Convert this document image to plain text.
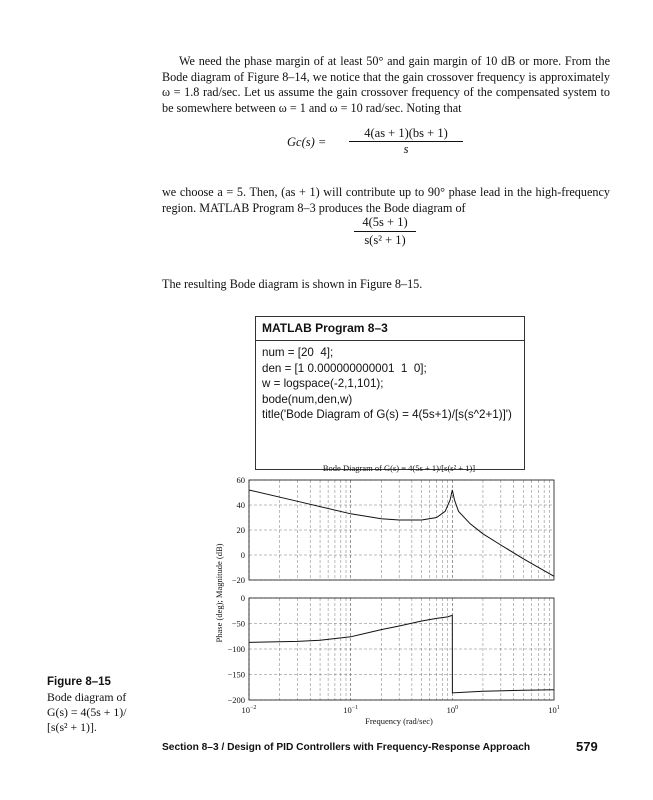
We need the phase margin of at least 50° and gain margin of 10 dB or more. From the Bode diagram of Figure 8–14, we notice that the gain crossover frequency is approximately ω = 1.8 rad/sec. Let us assume the gain crossover frequency of the compensated system to be somewhere between ω = 1 and ω = 10 rad/sec. Noting that

$Gc(s) = \frac{4(as + 1)(bs + 1)}{s}$

we choose a = 5. Then, (as + 1) will contribute up to 90° phase lead in the high-frequency region. MATLAB Program 8–3 produces the Bode diagram of

$\frac{4(5s + 1)}{\text{s(s² + 1)}}$

The resulting Bode diagram is shown in Figure 8–15.

MATLAB Program 8–3
num = [20  4];
den = [1 0.000000000001  1  0];
w = logspace(-2,1,101);
bode(num,den,w)
title('Bode Diagram of G(s) = 4(5s+1)/[s(s^2+1)]')
Bode Diagram of G(s) = 4(5s + 1)/[s(s² + 1)]
60
40
20
0
−20
0
−50
−100
−150
−200
$10^{-2}$	$10^{-1}$	$10^0$	$10^1$
Frequency (rad/sec)
Phase (deg); Magnitude (dB)
Figure 8–15
Bode diagram of
G(s) = 4(5s + 1)/
[s(s² + 1)].
Section 8–3 / Design of PID Controllers with Frequency-Response Approach	579
